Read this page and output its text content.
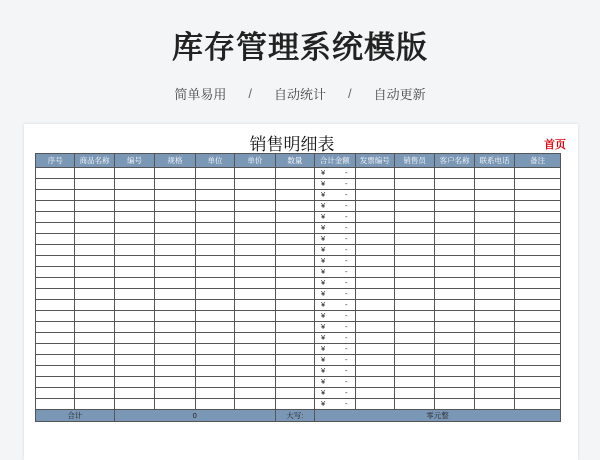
库存管理系统模版
简单易用 / 自动统计 / 自动更新
销售明细表	首页
序号	商品名称	编号	规格	单位	单价	数量	合计金额	发票编号	销售员	客户名称	联系电话	备注

							¥ -					

							¥ -					

							¥ -					

							¥ -					

							¥ -					

							¥ -					

							¥ -					

							¥ -					

							¥ -					

							¥ -					

							¥ -					

							¥ -					

							¥ -					

							¥ -					

							¥ -					

							¥ -					

							¥ -					

							¥ -					

							¥ -					

							¥ -					

							¥ -					

							¥ -					

合计		0				大写:	零元整					
